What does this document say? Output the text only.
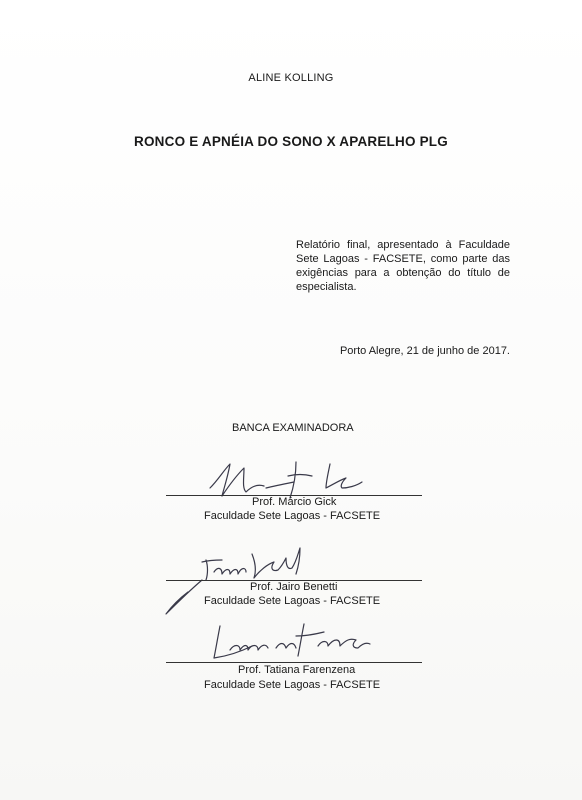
ALINE KOLLING
RONCO E APNÉIA DO SONO X APARELHO PLG
Relatório final, apresentado à Faculdade
Sete Lagoas - FACSETE, como parte das
exigências para a obtenção do título de
especialista.
Porto Alegre, 21 de junho de 2017.
BANCA EXAMINADORA
Prof. Márcio Gick
Faculdade Sete Lagoas - FACSETE
Prof. Jairo Benetti
Faculdade Sete Lagoas - FACSETE
Prof. Tatiana Farenzena
Faculdade Sete Lagoas - FACSETE
